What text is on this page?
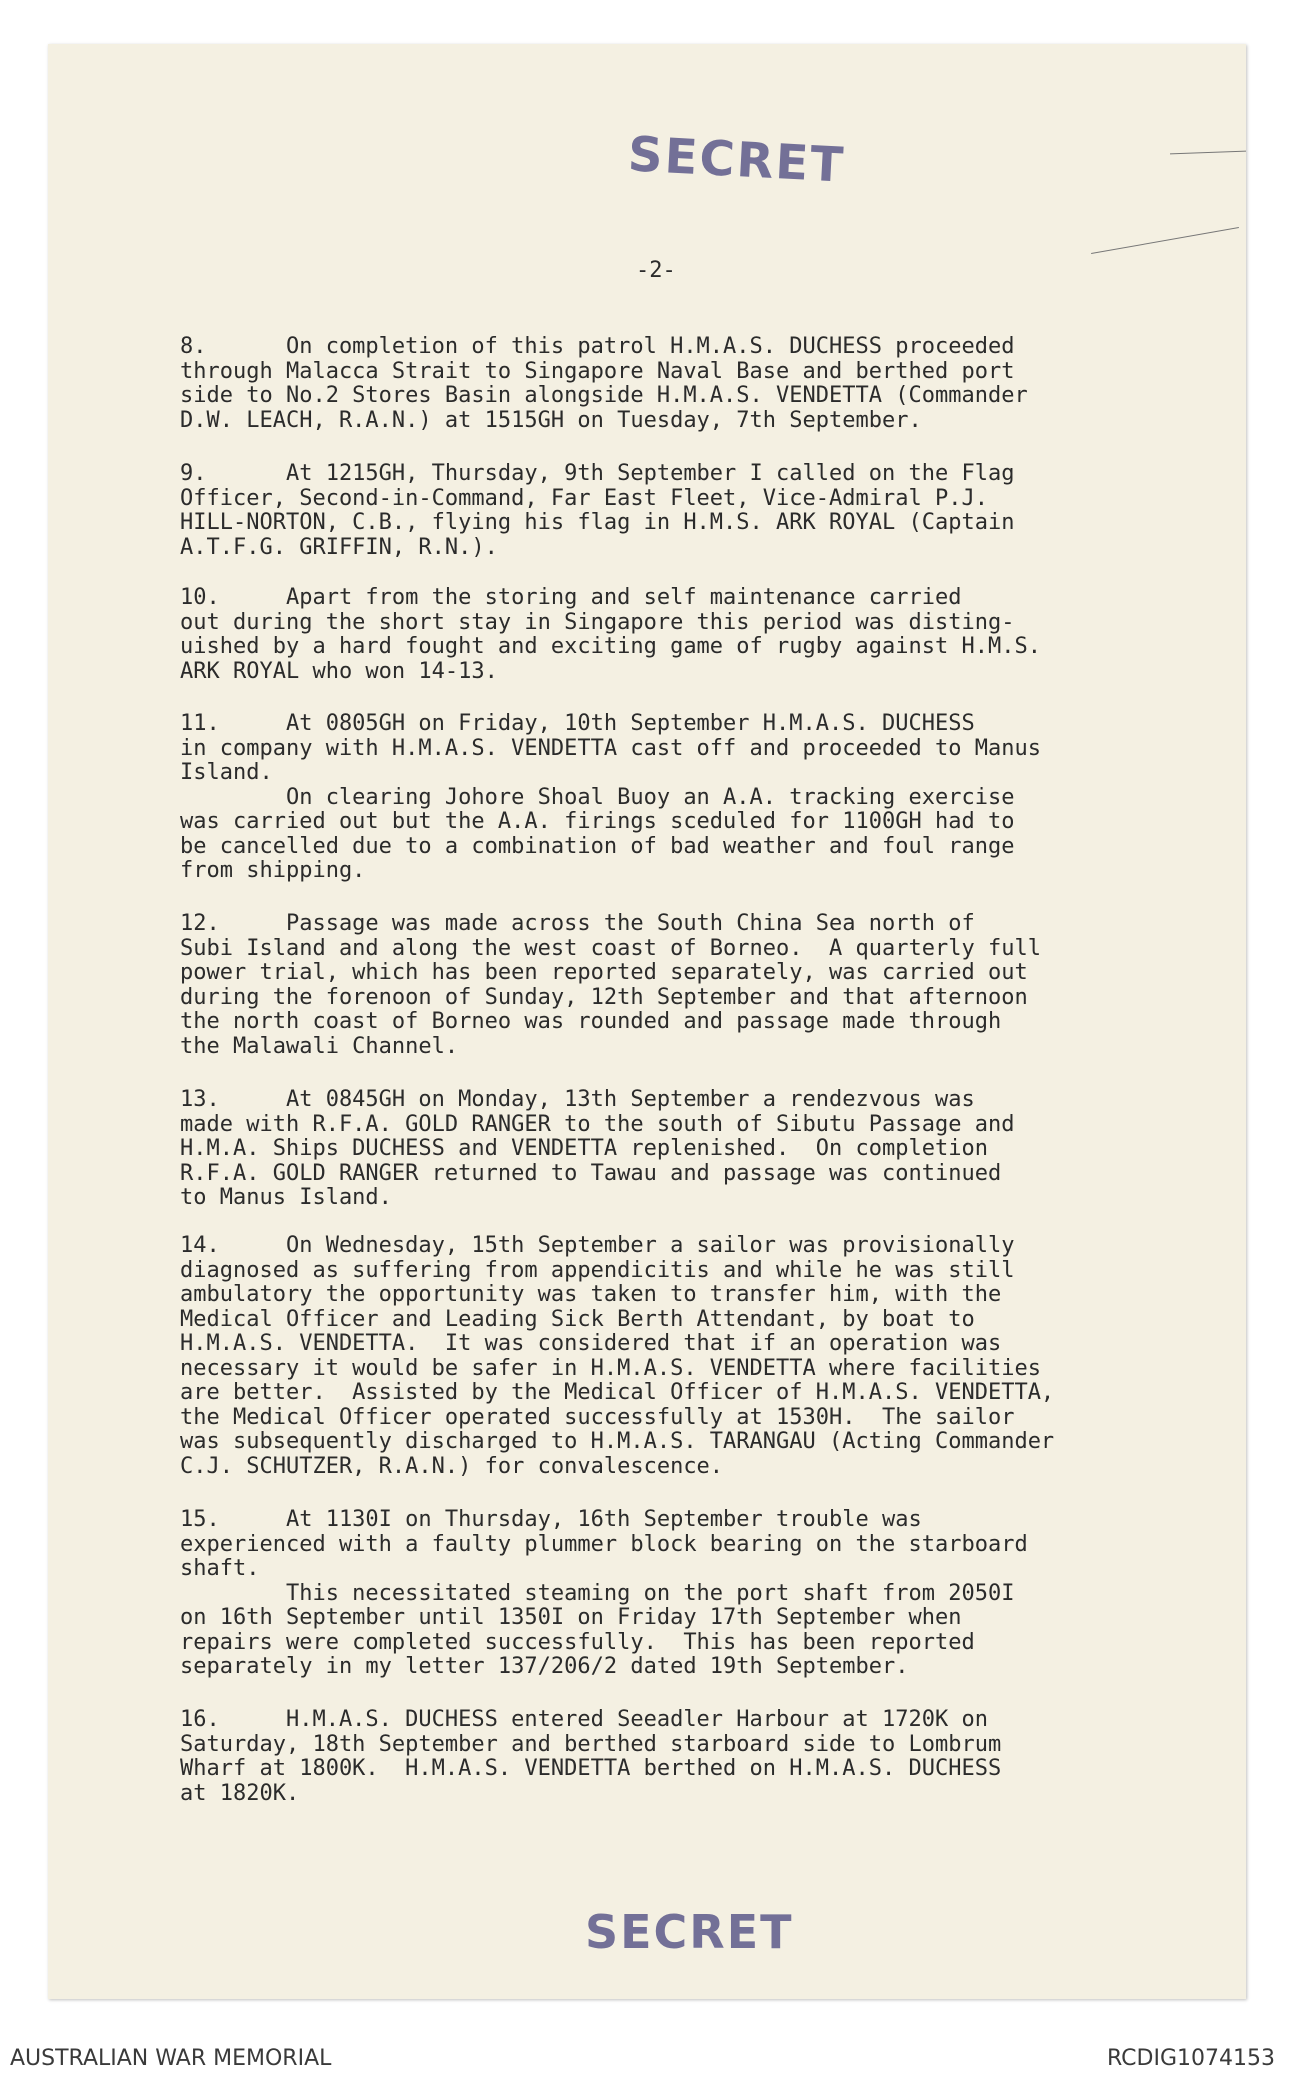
SECRET
-2-
8.      On completion of this patrol H.M.A.S. DUCHESS proceeded
through Malacca Strait to Singapore Naval Base and berthed port
side to No.2 Stores Basin alongside H.M.A.S. VENDETTA (Commander
D.W. LEACH, R.A.N.) at 1515GH on Tuesday, 7th September.
9.      At 1215GH, Thursday, 9th September I called on the Flag
Officer, Second-in-Command, Far East Fleet, Vice-Admiral P.J.
HILL-NORTON, C.B., flying his flag in H.M.S. ARK ROYAL (Captain
A.T.F.G. GRIFFIN, R.N.).
10.     Apart from the storing and self maintenance carried
out during the short stay in Singapore this period was disting-
uished by a hard fought and exciting game of rugby against H.M.S.
ARK ROYAL who won 14-13.
11.     At 0805GH on Friday, 10th September H.M.A.S. DUCHESS
in company with H.M.A.S. VENDETTA cast off and proceeded to Manus
Island.
On clearing Johore Shoal Buoy an A.A. tracking exercise
was carried out but the A.A. firings sceduled for 1100GH had to
be cancelled due to a combination of bad weather and foul range
from shipping.
12.     Passage was made across the South China Sea north of
Subi Island and along the west coast of Borneo.  A quarterly full
power trial, which has been reported separately, was carried out
during the forenoon of Sunday, 12th September and that afternoon
the north coast of Borneo was rounded and passage made through
the Malawali Channel.
13.     At 0845GH on Monday, 13th September a rendezvous was
made with R.F.A. GOLD RANGER to the south of Sibutu Passage and
H.M.A. Ships DUCHESS and VENDETTA replenished.  On completion
R.F.A. GOLD RANGER returned to Tawau and passage was continued
to Manus Island.
14.     On Wednesday, 15th September a sailor was provisionally
diagnosed as suffering from appendicitis and while he was still
ambulatory the opportunity was taken to transfer him, with the
Medical Officer and Leading Sick Berth Attendant, by boat to
H.M.A.S. VENDETTA.  It was considered that if an operation was
necessary it would be safer in H.M.A.S. VENDETTA where facilities
are better.  Assisted by the Medical Officer of H.M.A.S. VENDETTA,
the Medical Officer operated successfully at 1530H.  The sailor
was subsequently discharged to H.M.A.S. TARANGAU (Acting Commander
C.J. SCHUTZER, R.A.N.) for convalescence.
15.     At 1130I on Thursday, 16th September trouble was
experienced with a faulty plummer block bearing on the starboard
shaft.
This necessitated steaming on the port shaft from 2050I
on 16th September until 1350I on Friday 17th September when
repairs were completed successfully.  This has been reported
separately in my letter 137/206/2 dated 19th September.
16.     H.M.A.S. DUCHESS entered Seeadler Harbour at 1720K on
Saturday, 18th September and berthed starboard side to Lombrum
Wharf at 1800K.  H.M.A.S. VENDETTA berthed on H.M.A.S. DUCHESS
at 1820K.
SECRET
AUSTRALIAN WAR MEMORIAL	RCDIG1074153
